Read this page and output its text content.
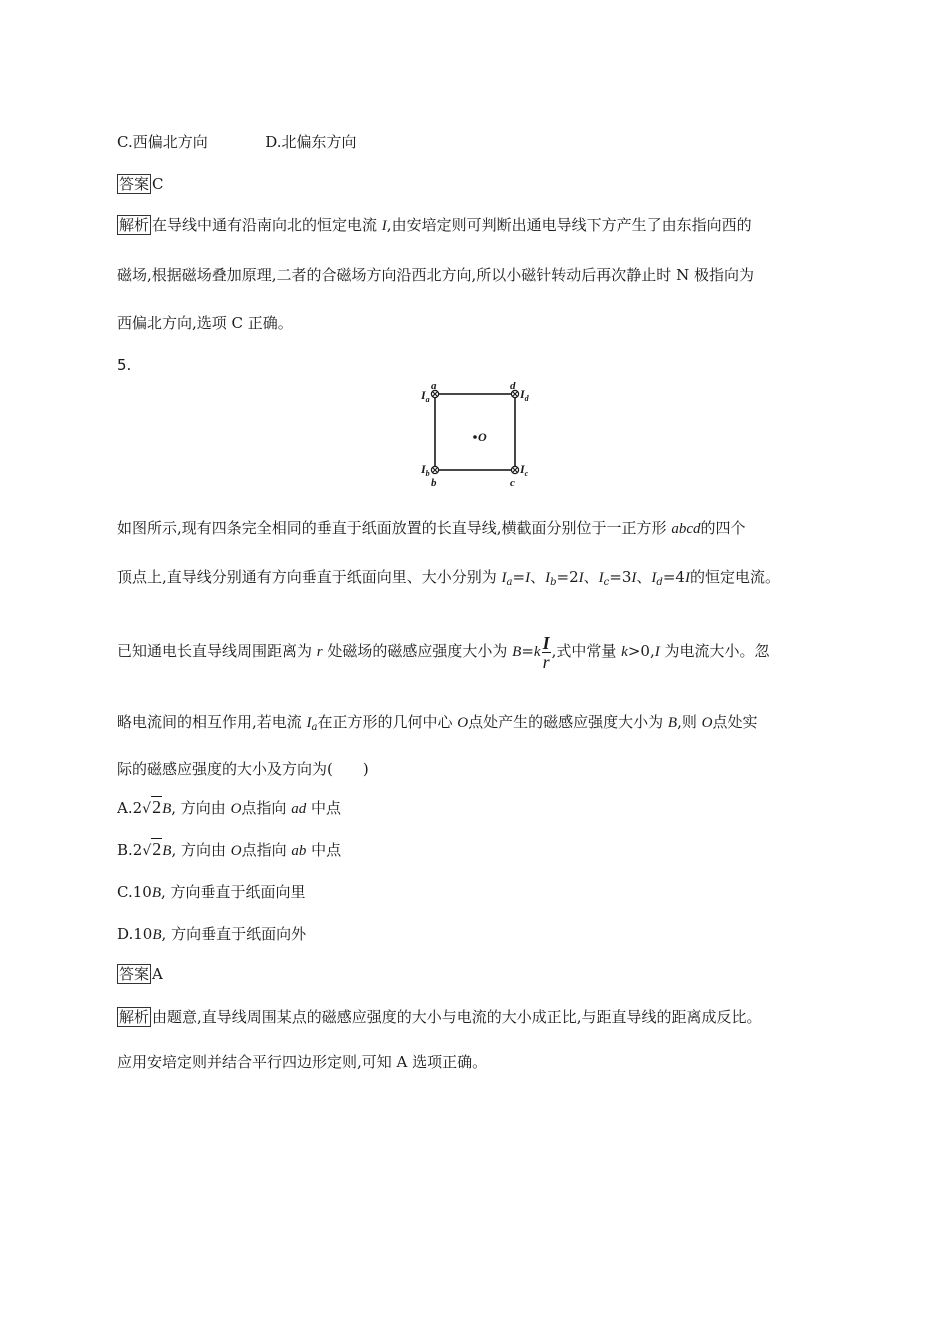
C.西偏北方向	D.北偏东方向
答案 C
解析 在导线中通有沿南向北的恒定电流 I,由安培定则可判断出通电导线下方产生了由东指向西的
磁场,根据磁场叠加原理,二者的合磁场方向沿西北方向,所以小磁针转动后再次静止时 N 极指向为
西偏北方向,选项 C 正确。
5.
a	d
b	c
$I_a$	$I_d$
$I_b$	$I_c$
O
如图所示,现有四条完全相同的垂直于纸面放置的长直导线,横截面分别位于一正方形 abcd的四个
顶点上,直导线分别通有方向垂直于纸面向里、大小分别为 $I_a=I$、$I_b=2I$、$I_c=3I$、$I_d=4I$的恒定电流。
已知通电长直导线周围距离为 r 处磁场的磁感应强度大小为 $B=k \frac{I}{r}$ ,式中常量 k>0,I 为电流大小。忽
略电流间的相互作用,若电流 $I_a$在正方形的几何中心 O点处产生的磁感应强度大小为 B,则 O点处实
际的磁感应强度的大小及方向为(　　)
A.2√2B, 方向由 O点指向 ad 中点
B.2√2B, 方向由 O点指向 ab 中点
C.10B, 方向垂直于纸面向里
D.10B, 方向垂直于纸面向外
答案 A
解析 由题意,直导线周围某点的磁感应强度的大小与电流的大小成正比,与距直导线的距离成反比。
应用安培定则并结合平行四边形定则,可知 A 选项正确。
